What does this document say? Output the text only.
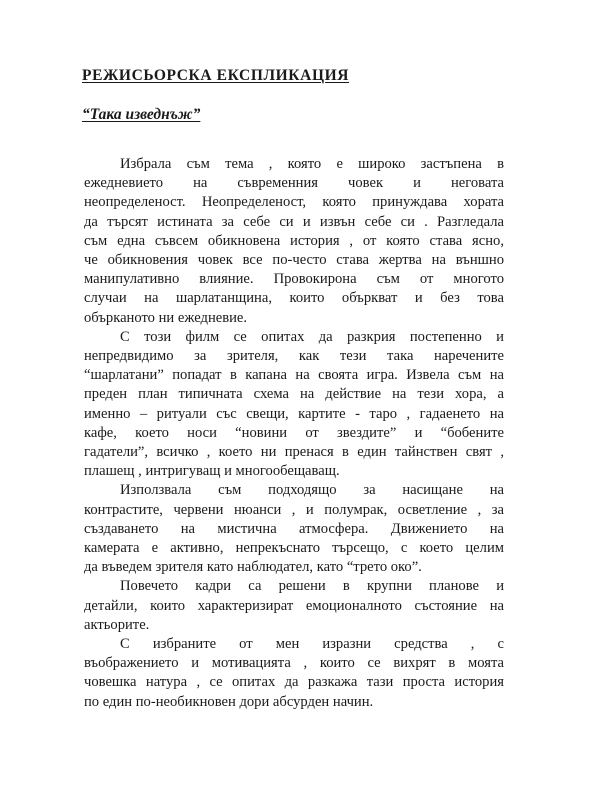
РЕЖИСЬОРСКА ЕКСПЛИКАЦИЯ
“Така изведнъж”

Избрала съм тема , която е широко застъпена в
ежедневието на съвременния човек и неговата
неопределеност. Неопределеност, която принуждава хората
да търсят истината за себе си и извън себе си . Разгледала
съм една съвсем обикновена история , от която става ясно,
че обикновения човек все по-често става жертва на външно
манипулативно влияние. Провокирона съм от многото
случаи на шарлатанщина, които объркват и без това
обърканото ни ежедневие.

С този филм се опитах да разкрия постепенно и
непредвидимо за зрителя, как тези така наречените
“шарлатани” попадат в капана на своята игра. Извела съм на
преден план типичната схема на действие на тези хора, а
именно – ритуали със свещи, картите - таро , гадаенето на
кафе, което носи “новини от звездите” и “бобените
гадатели”, всичко , което ни пренася в един тайнствен свят ,
плашещ , интригуващ и многообещаващ.

Използвала съм подходящо за насищане на
контрастите, червени нюанси , и полумрак, осветление , за
създаването на мистична атмосфера. Движението на
камерата е активно, непрекъснато търсещо, с което целим
да въведем зрителя като наблюдател, като “трето око”.

Повечето кадри са решени в крупни планове и
детайли, които характеризират емоционалното състояние на
актьорите.

С избраните от мен изразни средства , с
въображението и мотивацията , които се вихрят в моята
човешка натура , се опитах да разкажа тази проста история
по един по-необикновен дори абсурден начин.
